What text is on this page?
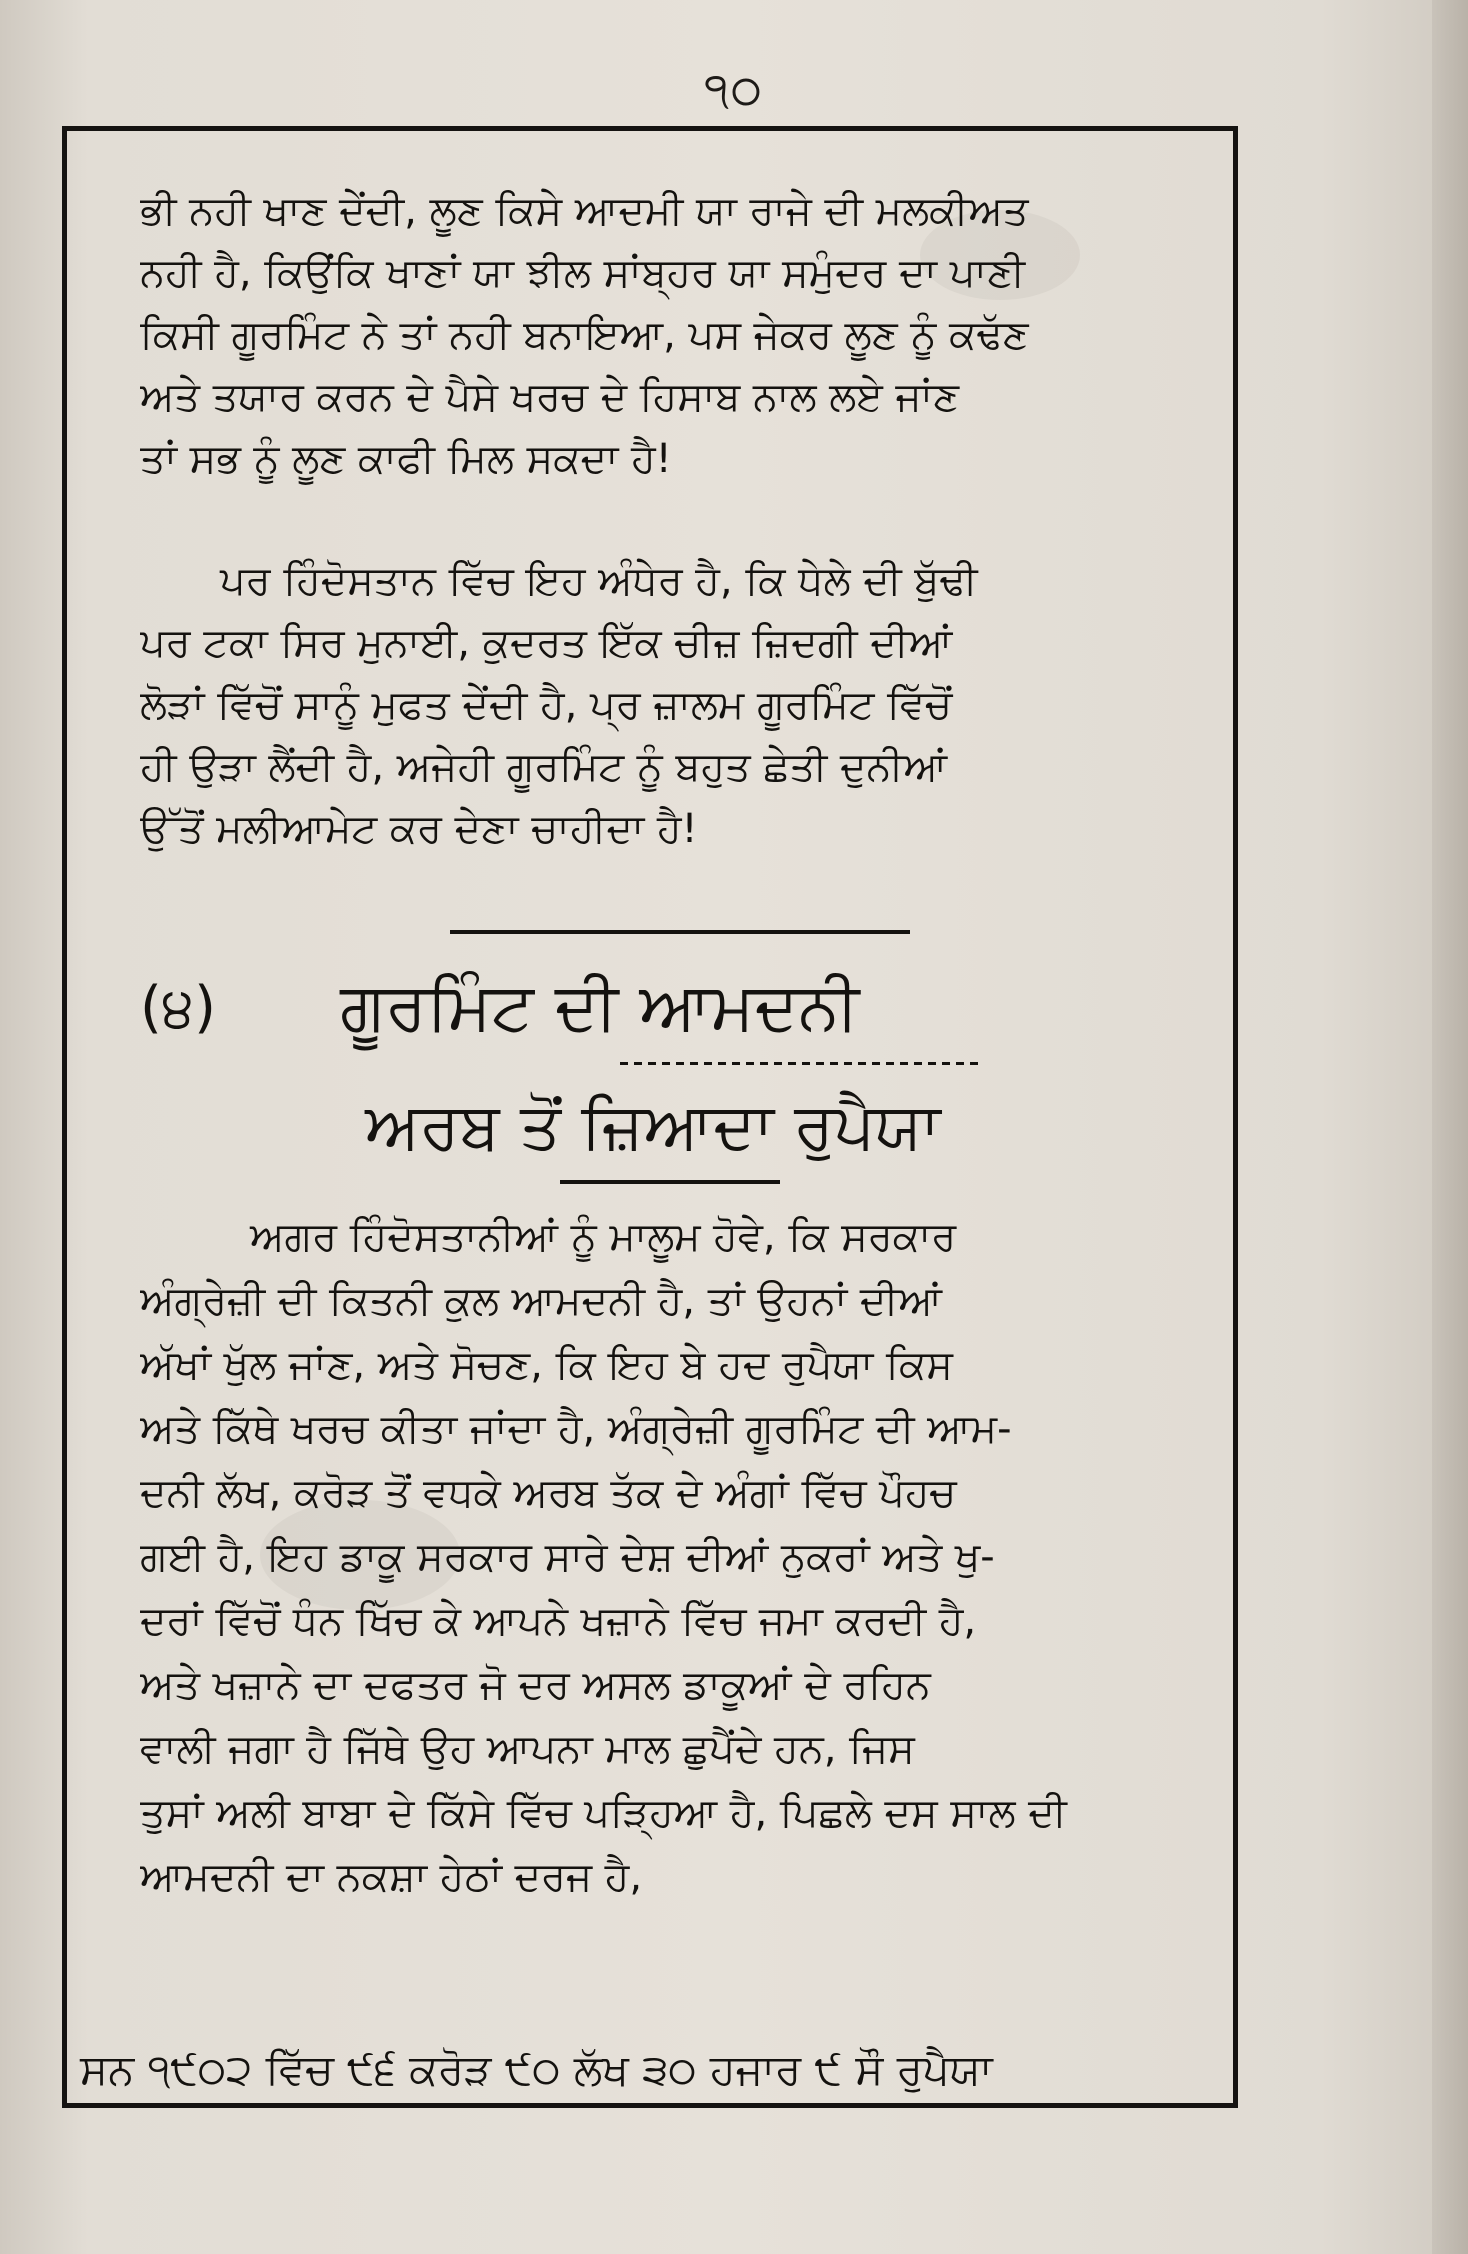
੧੦
ਭੀ ਨਹੀ ਖਾਣ ਦੇਂਦੀ, ਲੂਣ ਕਿਸੇ ਆਦਮੀ ਯਾ ਰਾਜੇ ਦੀ ਮਲਕੀਅਤ
ਨਹੀ ਹੈ, ਕਿਉਂਕਿ ਖਾਣਾਂ ਯਾ ਝੀਲ ਸਾਂਬ੍ਹਰ ਯਾ ਸਮੁੰਦਰ ਦਾ ਪਾਣੀ
ਕਿਸੀ ਗੂਰਮਿੰਟ ਨੇ ਤਾਂ ਨਹੀ ਬਨਾਇਆ, ਪਸ ਜੇਕਰ ਲੂਣ ਨੂੰ ਕਢੱਣ
ਅਤੇ ਤਯਾਰ ਕਰਨ ਦੇ ਪੈਸੇ ਖਰਚ ਦੇ ਹਿਸਾਬ ਨਾਲ ਲਏ ਜਾਂਣ
ਤਾਂ ਸਭ ਨੂੰ ਲੂਣ ਕਾਫੀ ਮਿਲ ਸਕਦਾ ਹੈ!
ਪਰ ਹਿੰਦੋਸਤਾਨ ਵਿੱਚ ਇਹ ਅੰਧੇਰ ਹੈ, ਕਿ ਧੇਲੇ ਦੀ ਬੁੱਢੀ
ਪਰ ਟਕਾ ਸਿਰ ਮੁਨਾਈ, ਕੁਦਰਤ ਇੱਕ ਚੀਜ਼ ਜ਼ਿਦਗੀ ਦੀਆਂ
ਲੋੜਾਂ ਵਿੱਚੋਂ ਸਾਨੂੰ ਮੁਫਤ ਦੇਂਦੀ ਹੈ, ਪ੍ਰ ਜ਼ਾਲਮ ਗੂਰਮਿੰਟ ਵਿੱਚੋਂ
ਹੀ ਉੜਾ ਲੈਂਦੀ ਹੈ, ਅਜੇਹੀ ਗੂਰਮਿੰਟ ਨੂੰ ਬਹੁਤ ਛੇਤੀ ਦੁਨੀਆਂ
ਉੱਤੋਂ ਮਲੀਆਮੇਟ ਕਰ ਦੇਣਾ ਚਾਹੀਦਾ ਹੈ!
(੪) ਗੂਰਮਿੰਟ ਦੀ ਆਮਦਨੀ
ਅਰਬ ਤੋਂ ਜ਼ਿਆਦਾ ਰੁਪੈਯਾ
ਅਗਰ ਹਿੰਦੋਸਤਾਨੀਆਂ ਨੂੰ ਮਾਲੂਮ ਹੋਵੇ, ਕਿ ਸਰਕਾਰ
ਅੰਗ੍ਰੇਜ਼ੀ ਦੀ ਕਿਤਨੀ ਕੁਲ ਆਮਦਨੀ ਹੈ, ਤਾਂ ਉਹਨਾਂ ਦੀਆਂ
ਅੱਖਾਂ ਖੁੱਲ ਜਾਂਣ, ਅਤੇ ਸੋਚਣ, ਕਿ ਇਹ ਬੇ ਹਦ ਰੁਪੈਯਾ ਕਿਸ
ਅਤੇ ਕਿੱਥੇ ਖਰਚ ਕੀਤਾ ਜਾਂਦਾ ਹੈ, ਅੰਗ੍ਰੇਜ਼ੀ ਗੂਰਮਿੰਟ ਦੀ ਆਮ-
ਦਨੀ ਲੱਖ, ਕਰੋੜ ਤੋਂ ਵਧਕੇ ਅਰਬ ਤੱਕ ਦੇ ਅੰਗਾਂ ਵਿੱਚ ਪੌਹਚ
ਗਈ ਹੈ, ਇਹ ਡਾਕੂ ਸਰਕਾਰ ਸਾਰੇ ਦੇਸ਼ ਦੀਆਂ ਨੁਕਰਾਂ ਅਤੇ ਖੁ-
ਦਰਾਂ ਵਿੱਚੋਂ ਧੰਨ ਖਿੱਚ ਕੇ ਆਪਨੇ ਖਜ਼ਾਨੇ ਵਿੱਚ ਜਮਾ ਕਰਦੀ ਹੈ,
ਅਤੇ ਖਜ਼ਾਨੇ ਦਾ ਦਫਤਰ ਜੋ ਦਰ ਅਸਲ ਡਾਕੂਆਂ ਦੇ ਰਹਿਨ
ਵਾਲੀ ਜਗਾ ਹੈ ਜਿੱਥੇ ਉਹ ਆਪਨਾ ਮਾਲ ਛੁਪੈਂਦੇ ਹਨ, ਜਿਸ
ਤੁਸਾਂ ਅਲੀ ਬਾਬਾ ਦੇ ਕਿੱਸੇ ਵਿੱਚ ਪੜ੍ਹਿਆ ਹੈ, ਪਿਛਲੇ ਦਸ ਸਾਲ ਦੀ
ਆਮਦਨੀ ਦਾ ਨਕਸ਼ਾ ਹੇਠਾਂ ਦਰਜ ਹੈ,
ਸਨ ੧੯੦੨ ਵਿੱਚ ੯੬ ਕਰੋੜ ੯੦ ਲੱਖ ੩੦ ਹਜਾਰ ੯ ਸੌ ਰੁਪੈਯਾ
